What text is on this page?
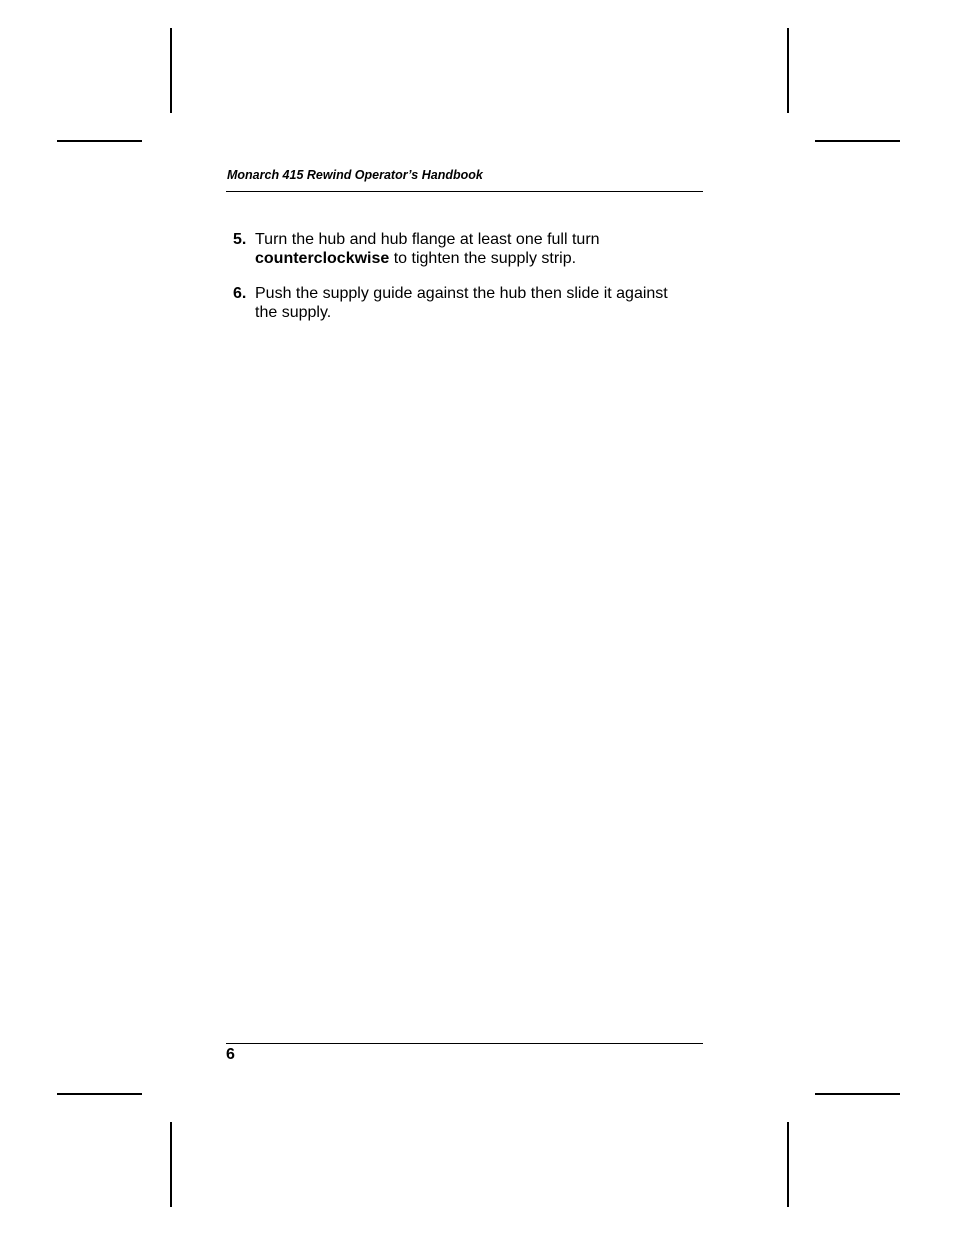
Monarch 415 Rewind Operator’s Handbook
5. Turn the hub and hub flange at least one full turn
counterclockwise to tighten the supply strip.
6. Push the supply guide against the hub then slide it against
the supply.
6
